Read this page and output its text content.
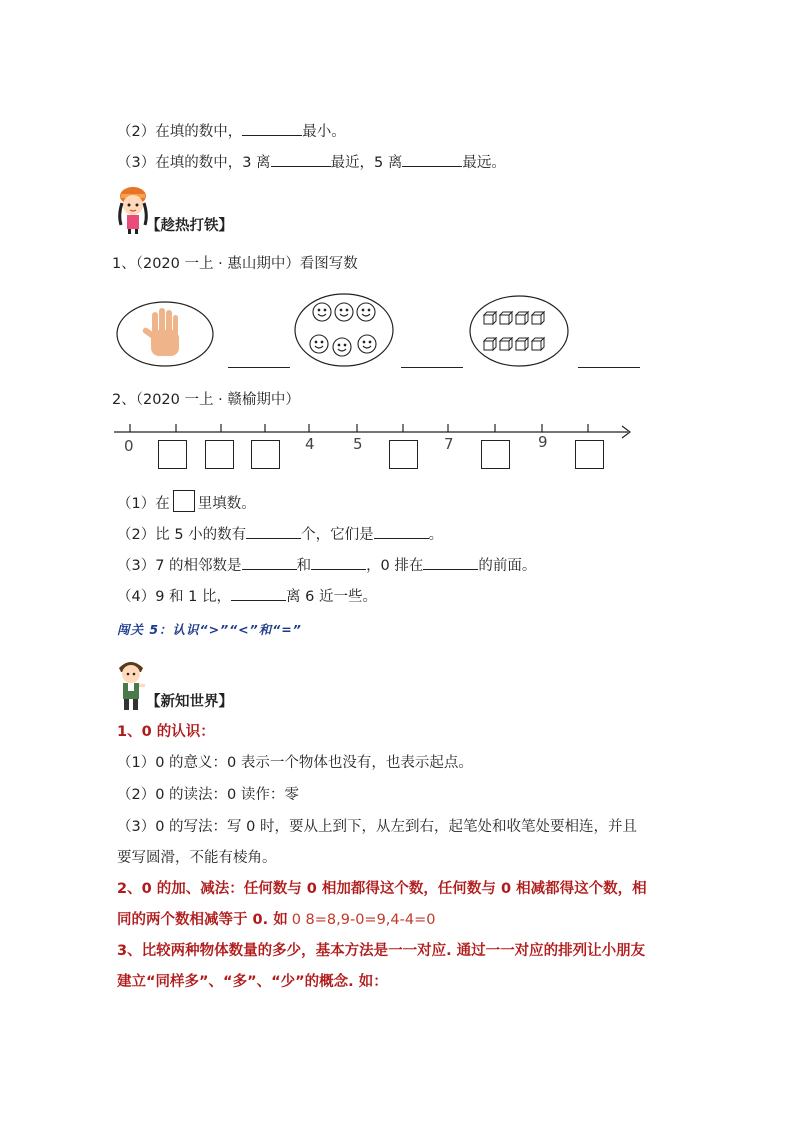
（2）在填的数中，	最小。
（3）在填的数中，3 离	最近，5 离	最远。
【趁热打铁】
1、（2020 一上 · 惠山期中）看图写数
2、（2020 一上 · 赣榆期中）
0	4	5	7	9
（1）在 里填数。
（2）比 5 小的数有	个，它们是	。
（3）7 的相邻数是	和	，0 排在	的前面。
（4）9 和 1 比，	离 6 近一些。
闯关 5：认识“>”“<”和“=”
【新知世界】
1、0 的认识：
（1）0 的意义：0 表示一个物体也没有，也表示起点。
（2）0 的读法：0 读作：零
（3）0 的写法：写 0 时，要从上到下，从左到右，起笔处和收笔处要相连，并且
要写圆滑，不能有棱角。
2、0 的加、减法：任何数与 0 相加都得这个数，任何数与 0 相减都得这个数，相
同的两个数相减等于 0. 如 0 8=8,9-0=9,4-4=0
3、比较两种物体数量的多少，基本方法是一一对应. 通过一一对应的排列让小朋友
建立“同样多”、“多”、“少”的概念. 如：
